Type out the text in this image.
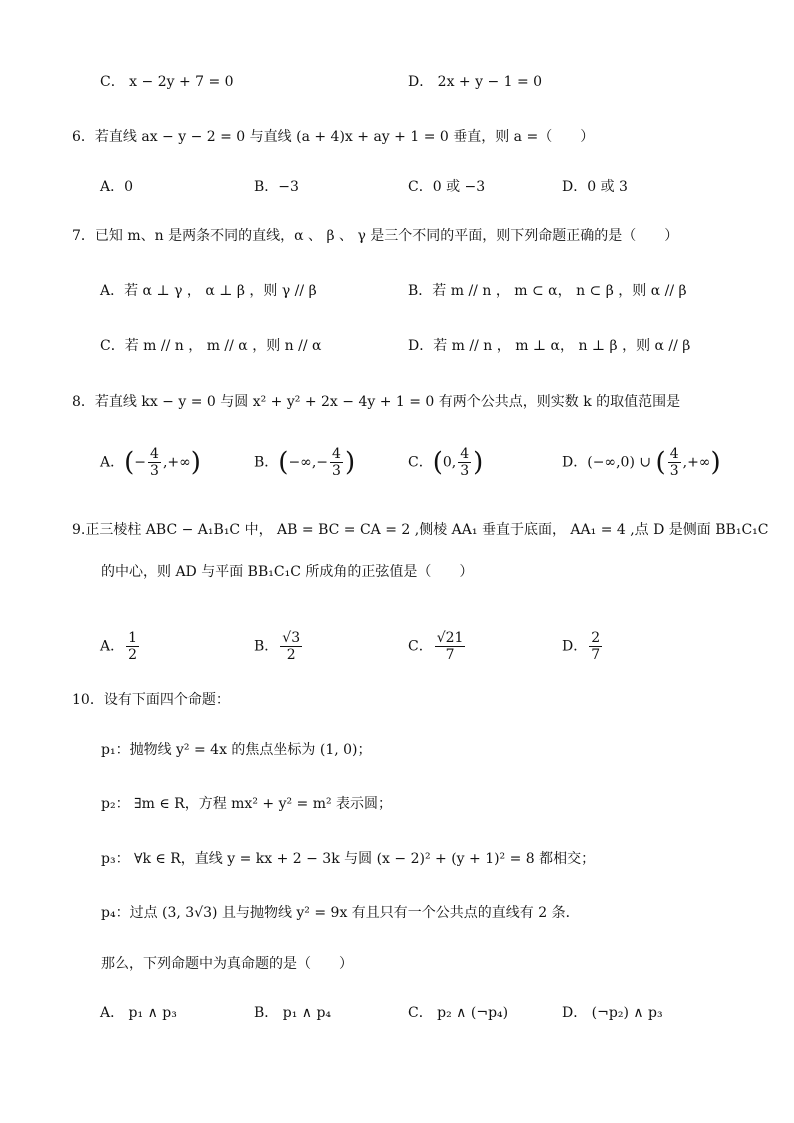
C． x − 2y + 7 = 0	D． 2x + y − 1 = 0
6．若直线 ax − y − 2 = 0 与直线 (a + 4)x + ay + 1 = 0 垂直，则 a =（　　）
A．0	B．−3	C．0 或 −3	D．0 或 3
7．已知 m、n 是两条不同的直线，α 、 β 、 γ 是三个不同的平面，则下列命题正确的是（　　）
A．若 α ⊥ γ ， α ⊥ β ，则 γ // β	B．若 m // n ， m ⊂ α， n ⊂ β ，则 α // β
C．若 m // n ， m // α ，则 n // α	D．若 m // n ， m ⊥ α， n ⊥ β ，则 α // β
8．若直线 kx − y = 0 与圆 x² + y² + 2x − 4y + 1 = 0 有两个公共点，则实数 k 的取值范围是
A．(− $\frac{4}{3}$ ,+∞)	B．(−∞,− $\frac{4}{3}$ )	C．(0, $\frac{4}{3}$ )	D．(−∞,0) ∪ ( $\frac{4}{3}$ ,+∞)
9.正三棱柱 ABC − A₁B₁C 中， AB = BC = CA = 2 ,侧棱 AA₁ 垂直于底面， AA₁ = 4 ,点 D 是侧面 BB₁C₁C
的中心，则 AD 与平面 BB₁C₁C 所成角的正弦值是（　　）
A． $\frac{1}{2}$	B． $\frac{√3}{2}$	C． $\frac{√21}{7}$	D． $\frac{2}{7}$
10．设有下面四个命题：
p₁：抛物线 y² = 4x 的焦点坐标为 (1, 0)；
p₂： ∃m ∈ R，方程 mx² + y² = m² 表示圆；
p₃： ∀k ∈ R，直线 y = kx + 2 − 3k 与圆 (x − 2)² + (y + 1)² = 8 都相交；
p₄：过点 (3, 3√3) 且与抛物线 y² = 9x 有且只有一个公共点的直线有 2 条．
那么，下列命题中为真命题的是（　　）
A． p₁ ∧ p₃	B． p₁ ∧ p₄	C． p₂ ∧ (¬p₄)	D． (¬p₂) ∧ p₃
